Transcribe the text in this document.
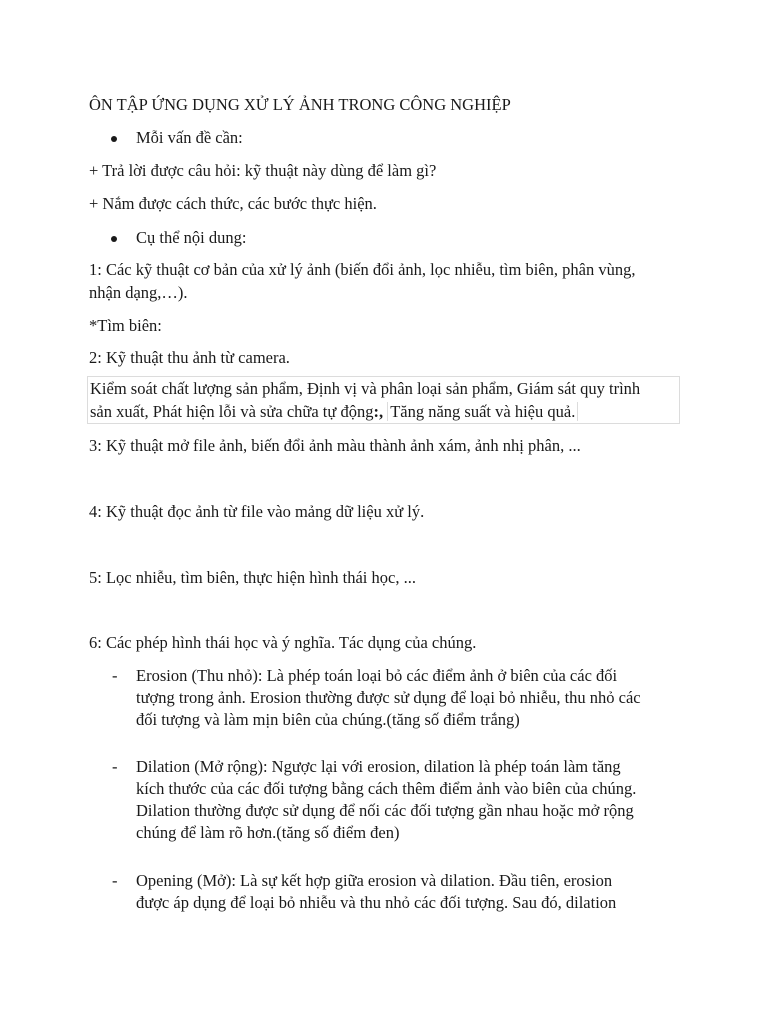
ÔN TẬP ỨNG DỤNG XỬ LÝ ẢNH TRONG CÔNG NGHIỆP
Mỗi vấn đề cần:
+ Trả lời được câu hỏi: kỹ thuật này dùng để làm gì?
+ Nắm được cách thức, các bước thực hiện.
Cụ thể nội dung:
1: Các kỹ thuật cơ bản của xử lý ảnh (biến đổi ảnh, lọc nhiễu, tìm biên, phân vùng,
nhận dạng,…).
*Tìm biên:
2: Kỹ thuật thu ảnh từ camera.
Kiểm soát chất lượng sản phẩm, Định vị và phân loại sản phẩm, Giám sát quy trình
sản xuất, Phát hiện lỗi và sửa chữa tự động:, Tăng năng suất và hiệu quả.
3: Kỹ thuật mở file ảnh, biến đổi ảnh màu thành ảnh xám, ảnh nhị phân, ...
4: Kỹ thuật đọc ảnh từ file vào mảng dữ liệu xử lý.
5: Lọc nhiễu, tìm biên, thực hiện hình thái học, ...
6: Các phép hình thái học và ý nghĩa. Tác dụng của chúng.
- Erosion (Thu nhỏ): Là phép toán loại bỏ các điểm ảnh ở biên của các đối
tượng trong ảnh. Erosion thường được sử dụng để loại bỏ nhiễu, thu nhỏ các
đối tượng và làm mịn biên của chúng.(tăng số điểm trắng)
- Dilation (Mở rộng): Ngược lại với erosion, dilation là phép toán làm tăng
kích thước của các đối tượng bằng cách thêm điểm ảnh vào biên của chúng.
Dilation thường được sử dụng để nối các đối tượng gần nhau hoặc mở rộng
chúng để làm rõ hơn.(tăng số điểm đen)
- Opening (Mở): Là sự kết hợp giữa erosion và dilation. Đầu tiên, erosion
được áp dụng để loại bỏ nhiễu và thu nhỏ các đối tượng. Sau đó, dilation
